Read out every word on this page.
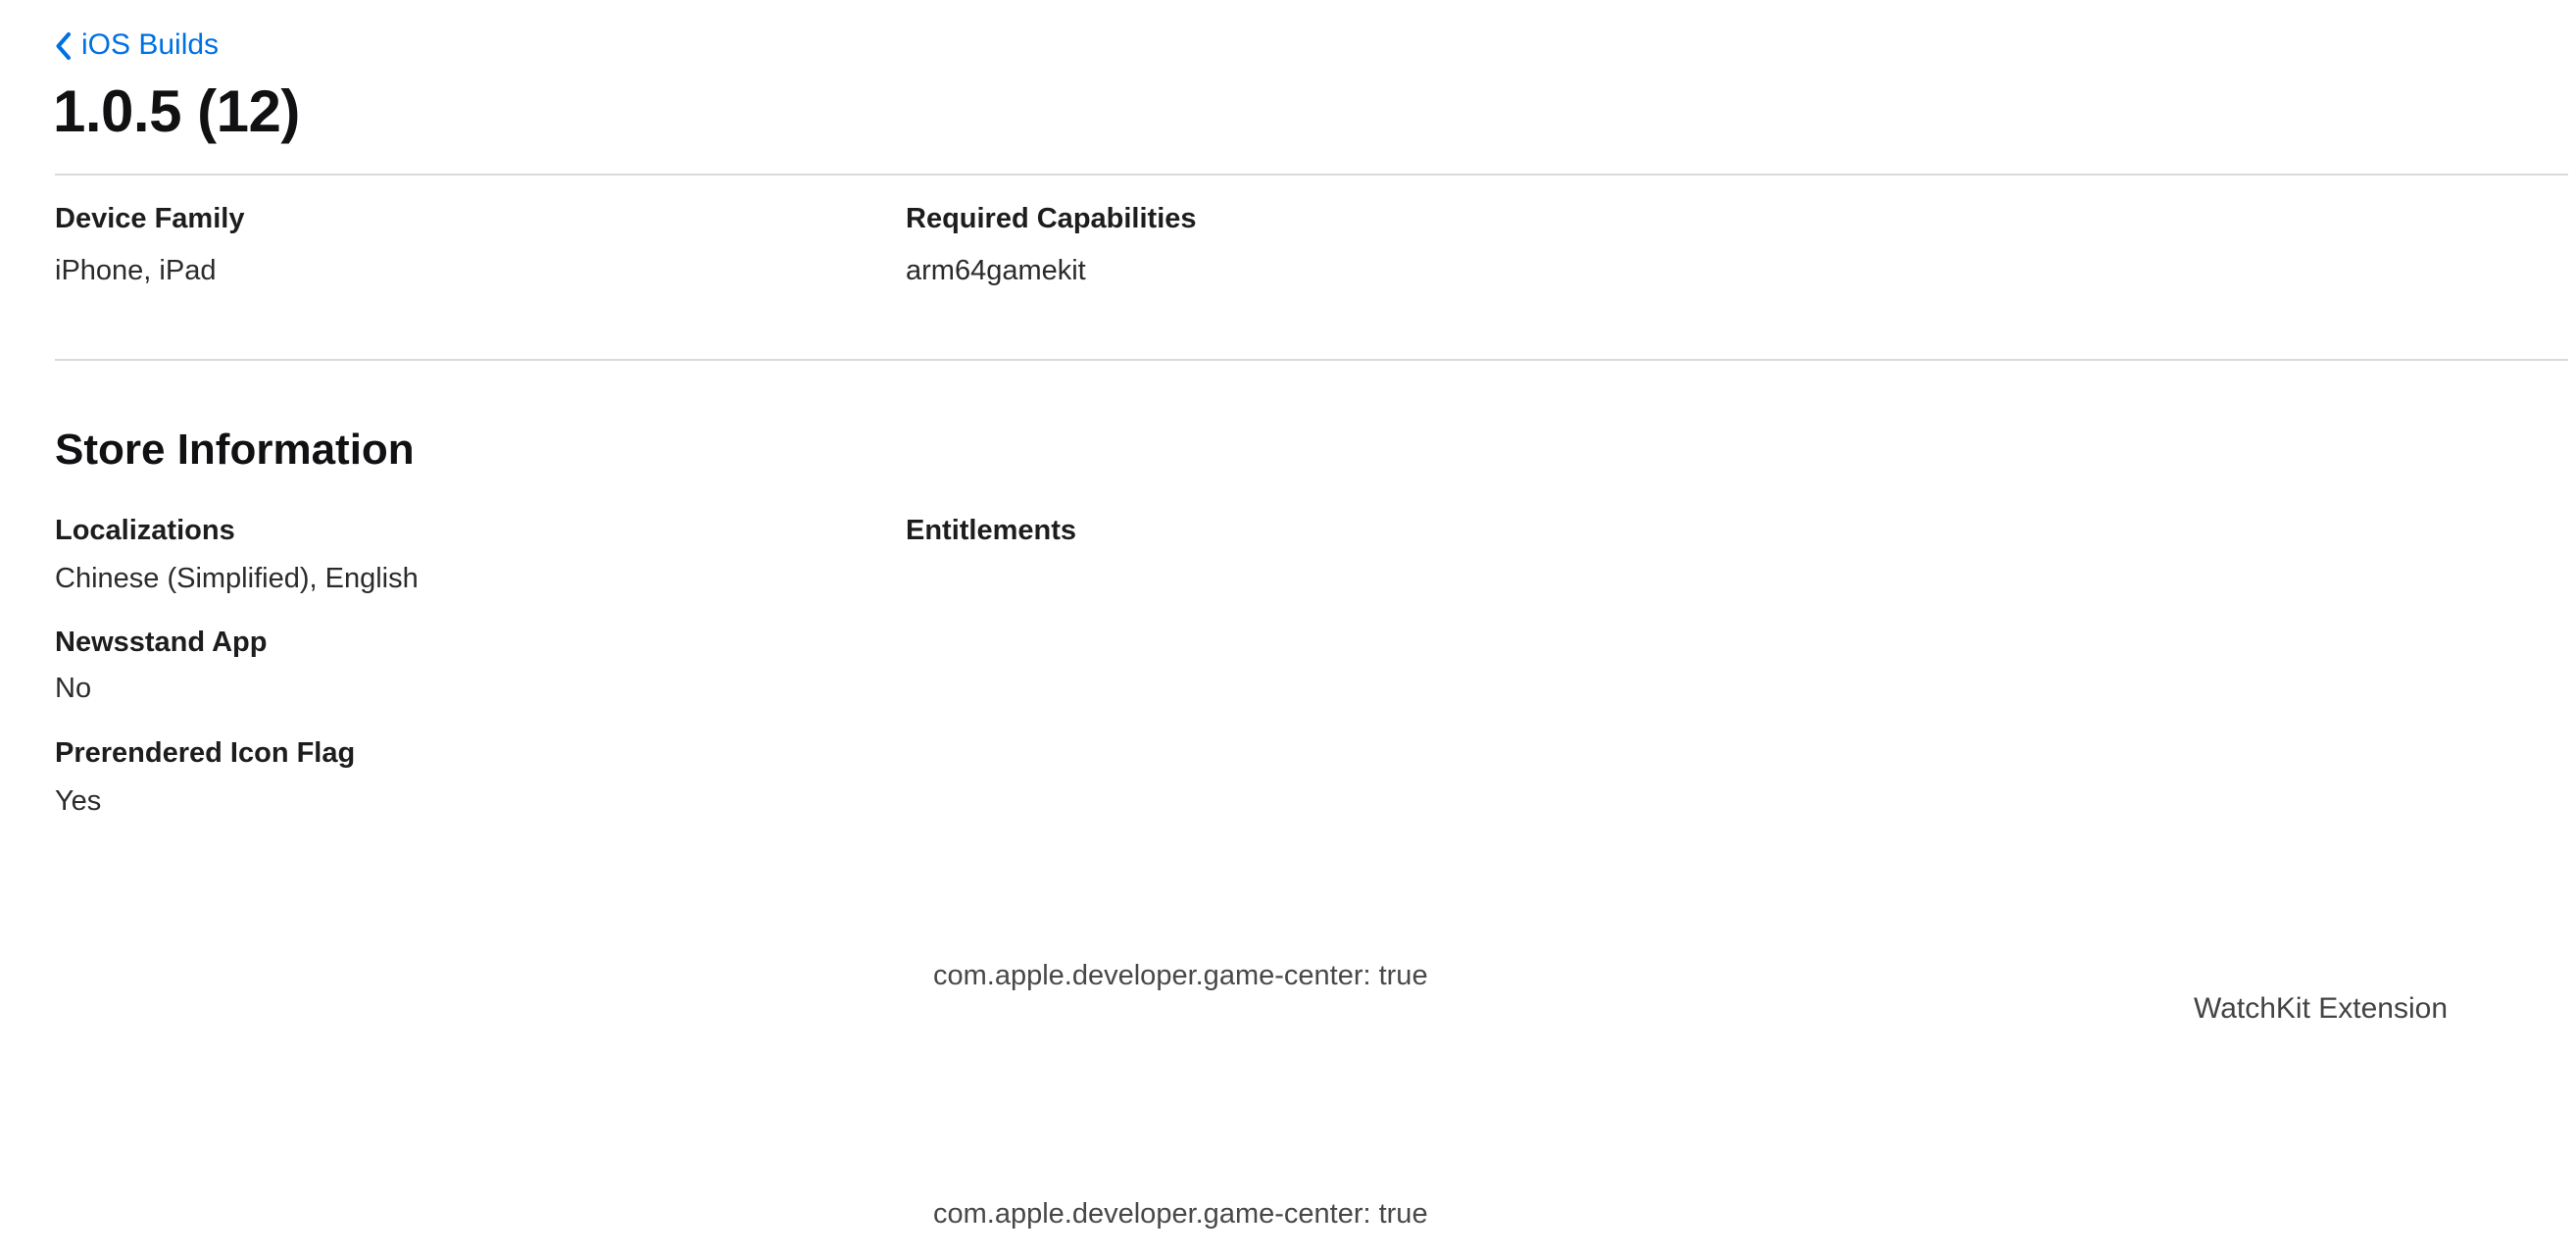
iOS Builds
1.0.5 (12)
Device Family
iPhone, iPad
Required Capabilities
arm64gamekit
Store Information
Localizations
Chinese (Simplified), English
Entitlements
Newsstand App
No
Prerendered Icon Flag
Yes
com.apple.developer.game-center: true
WatchKit Extension
com.apple.developer.game-center: true
